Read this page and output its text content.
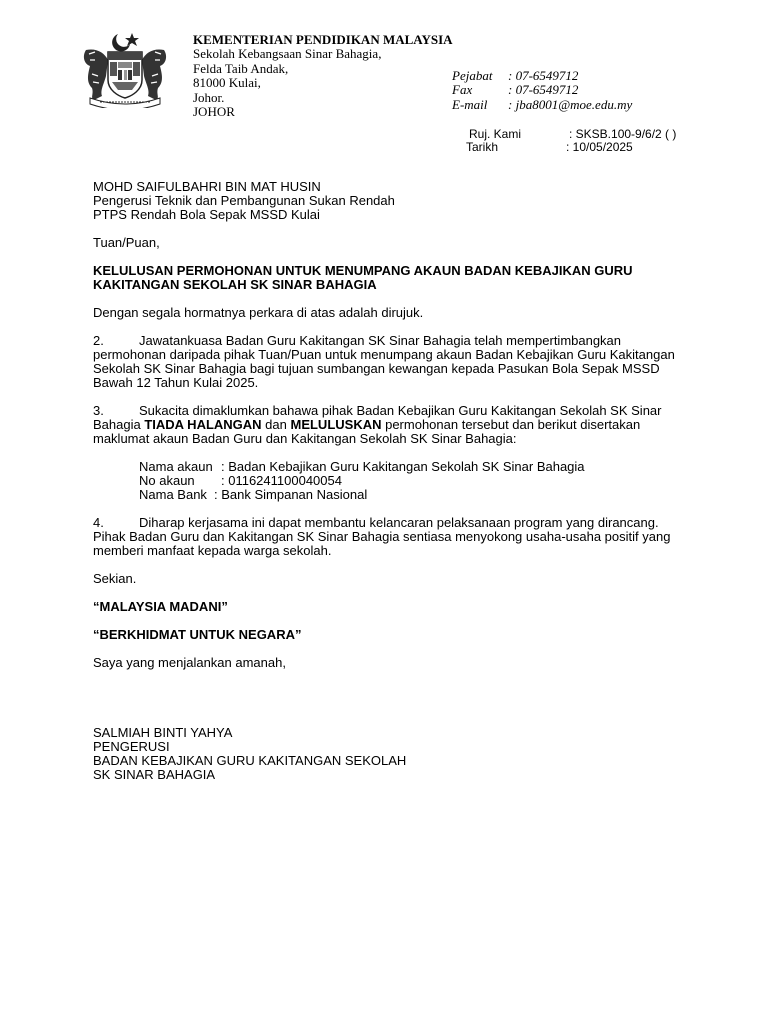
KEMENTERIAN PENDIDIKAN MALAYSIA
Sekolah Kebangsaan Sinar Bahagia,
Felda Taib Andak,
81000 Kulai,
Johor.
JOHOR
Pejabat	: 07-6549712
Fax	: 07-6549712
E-mail	: jba8001@moe.edu.my
Ruj. Kami	: SKSB.100-9/6/2 ( )
Tarikh	: 10/05/2025

MOHD SAIFULBAHRI BIN MAT HUSIN

Pengerusi Teknik dan Pembangunan Sukan Rendah

PTPS Rendah Bola Sepak MSSD Kulai

Tuan/Puan,

KELULUSAN PERMOHONAN UNTUK MENUMPANG AKAUN BADAN KEBAJIKAN GURU KAKITANGAN SEKOLAH SK SINAR BAHAGIA

Dengan segala hormatnya perkara di atas adalah dirujuk.

2.	Jawatankuasa Badan Guru Kakitangan SK Sinar Bahagia telah mempertimbangkan
permohonan daripada pihak Tuan/Puan untuk menumpang akaun Badan Kebajikan Guru Kakitangan Sekolah SK Sinar Bahagia bagi tujuan sumbangan kewangan kepada Pasukan Bola Sepak MSSD Bawah 12 Tahun Kulai 2025.

3.	Sukacita dimaklumkan bahawa pihak Badan Kebajikan Guru Kakitangan Sekolah SK Sinar
Bahagia TIADA HALANGAN dan MELULUSKAN permohonan tersebut dan berikut disertakan maklumat akaun Badan Guru dan Kakitangan Sekolah SK Sinar Bahagia:

Nama akaun : Badan Kebajikan Guru Kakitangan Sekolah SK Sinar Bahagia
No akaun	: 0116241100040054
Nama Bank : Bank Simpanan Nasional

4.	Diharap kerjasama ini dapat membantu kelancaran pelaksanaan program yang dirancang.
Pihak Badan Guru dan Kakitangan SK Sinar Bahagia sentiasa menyokong usaha-usaha positif yang memberi manfaat kepada warga sekolah.

Sekian.

“MALAYSIA MADANI”

“BERKHIDMAT UNTUK NEGARA”

Saya yang menjalankan amanah,

SALMIAH BINTI YAHYA

PENGERUSI

BADAN KEBAJIKAN GURU KAKITANGAN SEKOLAH

SK SINAR BAHAGIA
